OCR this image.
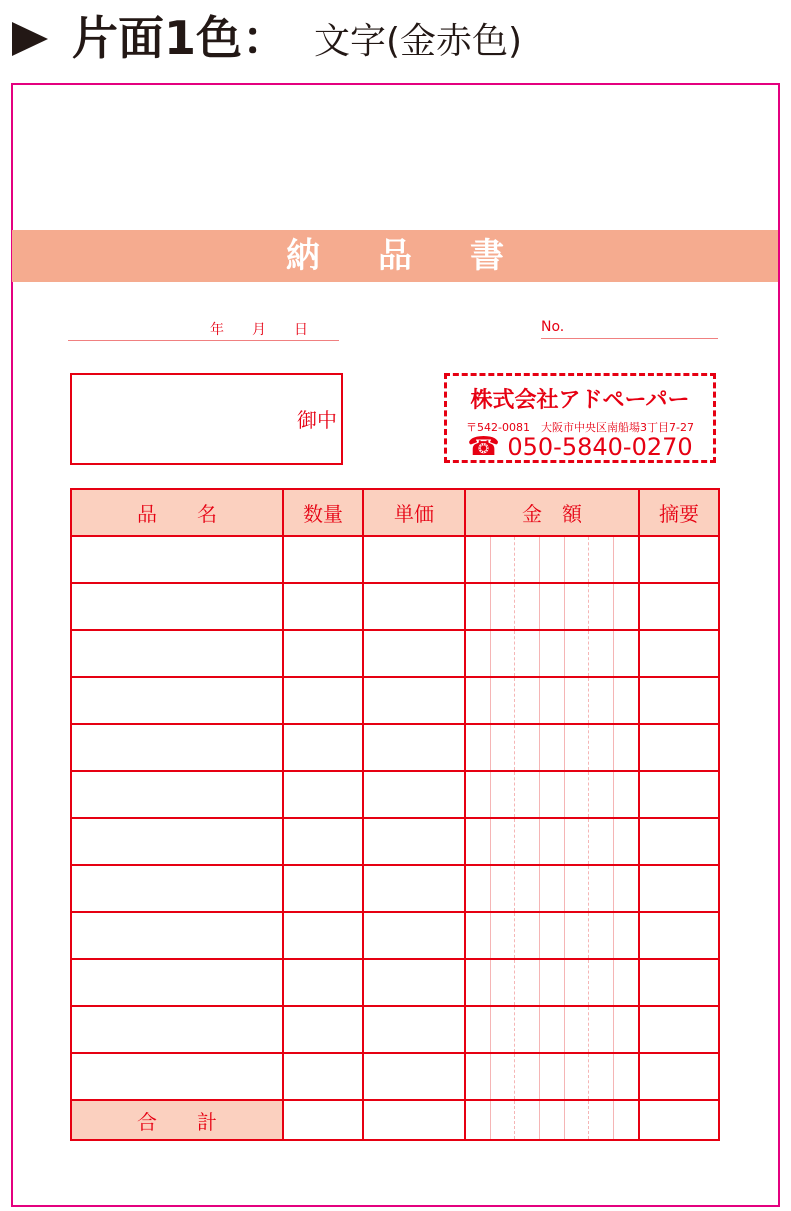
片面1色： 文字(金赤色)
納品書
年　　月　　日	No.
御中
株式会社アドペーパー
〒542-0081　大阪市中央区南船場3丁目7-27
☎ 050-5840-0270
品　　名	数量	単価	金　額	摘要

合　　計			
